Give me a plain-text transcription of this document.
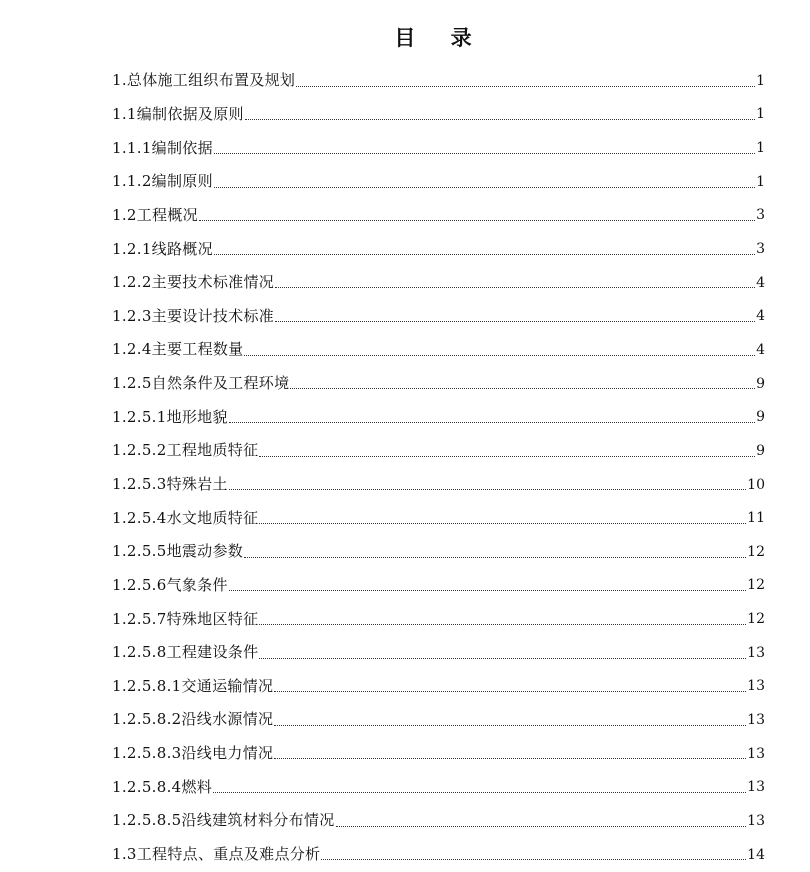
目 录
1.总体施工组织布置及规划	1
1.1编制依据及原则	1
1.1.1编制依据	1
1.1.2编制原则	1
1.2工程概况	3
1.2.1线路概况	3
1.2.2主要技术标准情况	4
1.2.3主要设计技术标准	4
1.2.4主要工程数量	4
1.2.5自然条件及工程环境	9
1.2.5.1地形地貌	9
1.2.5.2工程地质特征	9
1.2.5.3特殊岩土	10
1.2.5.4水文地质特征	11
1.2.5.5地震动参数	12
1.2.5.6气象条件	12
1.2.5.7特殊地区特征	12
1.2.5.8工程建设条件	13
1.2.5.8.1交通运输情况	13
1.2.5.8.2沿线水源情况	13
1.2.5.8.3沿线电力情况	13
1.2.5.8.4燃料	13
1.2.5.8.5沿线建筑材料分布情况	13
1.3工程特点、重点及难点分析	14
